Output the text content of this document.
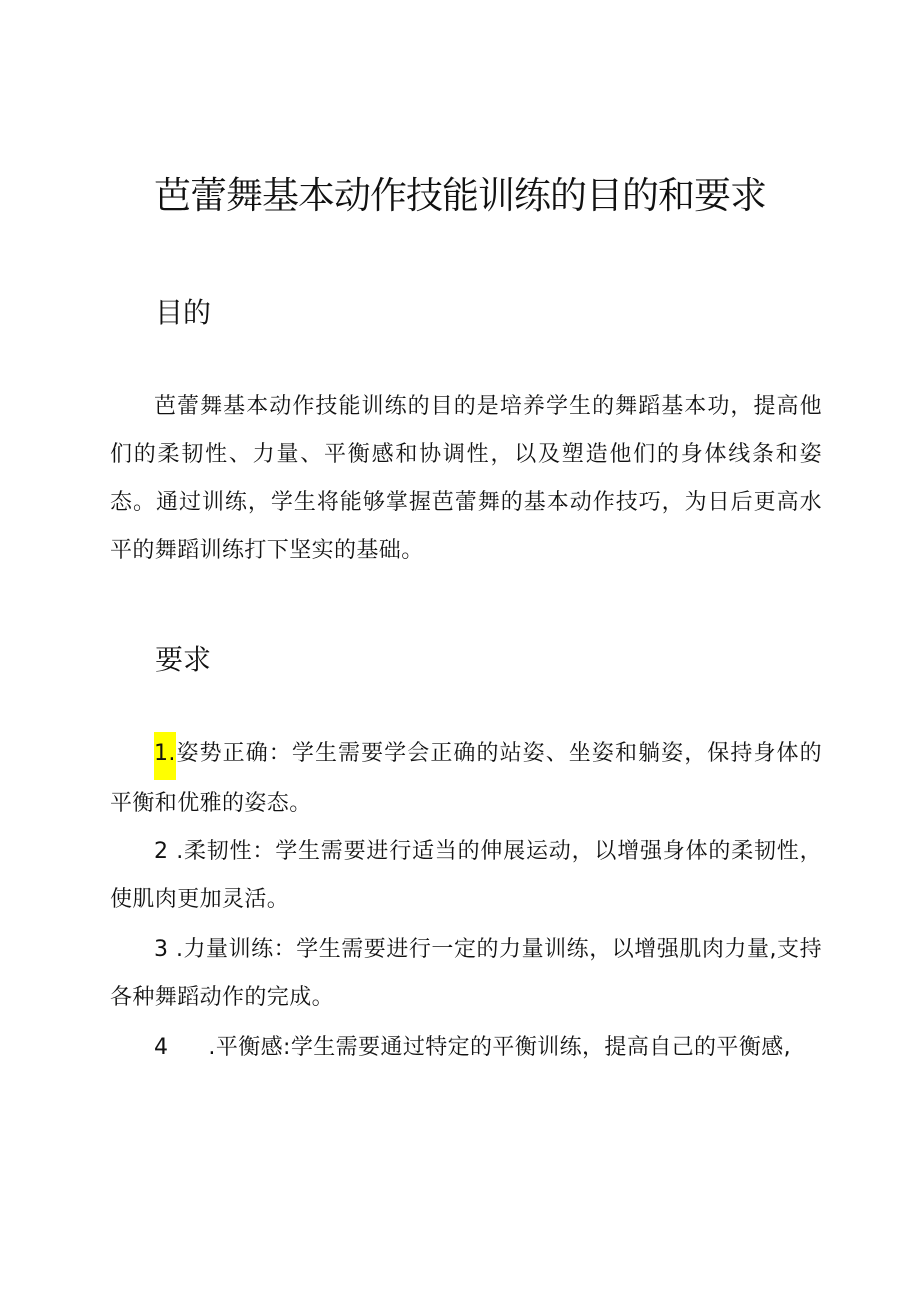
芭蕾舞基本动作技能训练的目的和要求
目的

芭蕾舞基本动作技能训练的目的是培养学生的舞蹈基本功，提高他们的柔韧性、力量、平衡感和协调性，以及塑造他们的身体线条和姿态。通过训练，学生将能够掌握芭蕾舞的基本动作技巧，为日后更高水平的舞蹈训练打下坚实的基础。

要求

1.姿势正确：学生需要学会正确的站姿、坐姿和躺姿，保持身体的平衡和优雅的姿态。

2 .柔韧性：学生需要进行适当的伸展运动，以增强身体的柔韧性，使肌肉更加灵活。

3 .力量训练：学生需要进行一定的力量训练，以增强肌肉力量,支持各种舞蹈动作的完成。

4 .平衡感:学生需要通过特定的平衡训练，提高自己的平衡感,
